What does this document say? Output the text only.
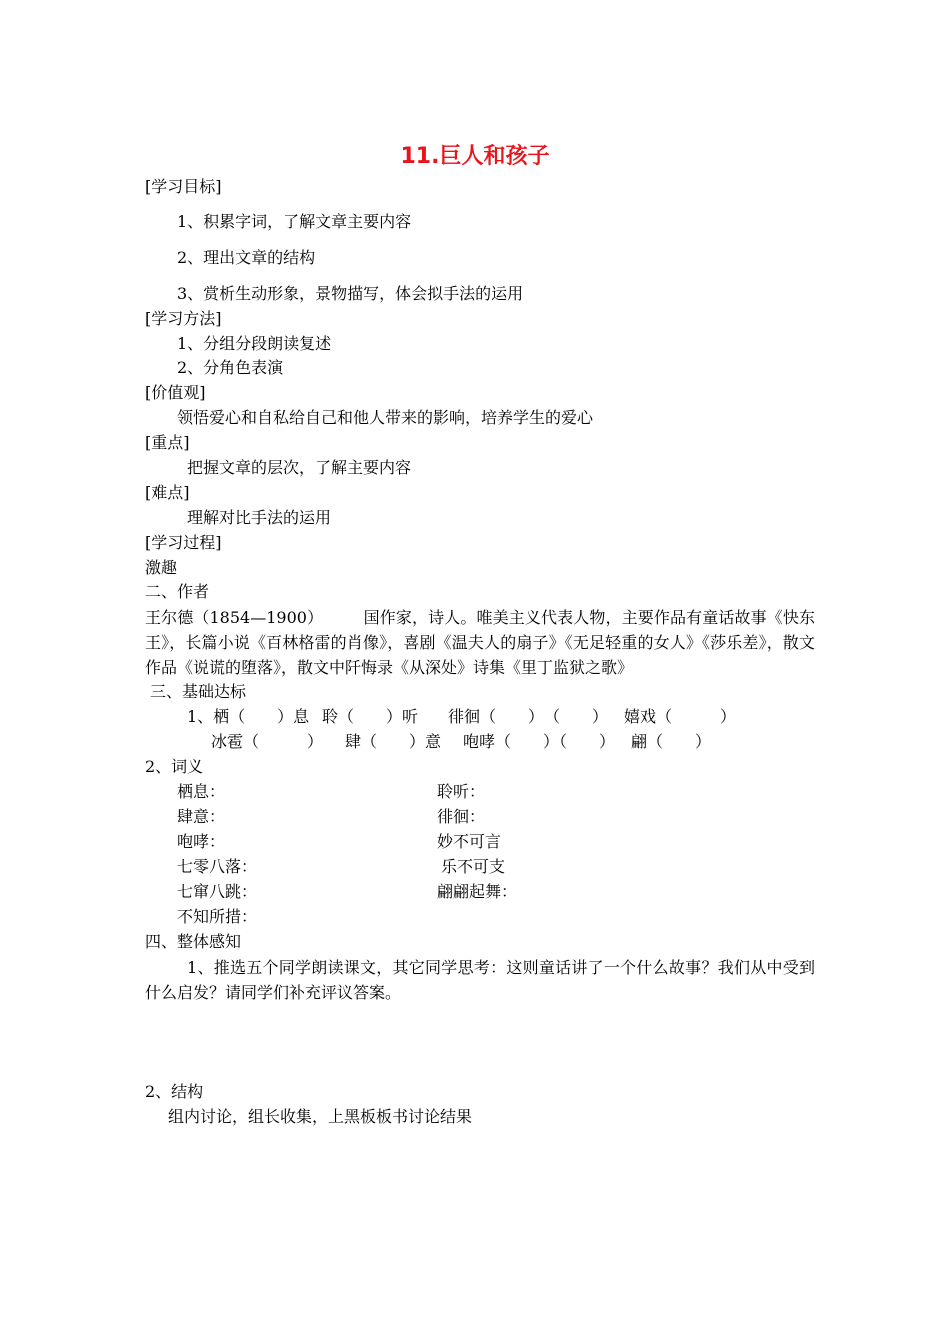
11.巨人和孩子
[学习目标]
1、积累字词，了解文章主要内容
2、理出文章的结构
3、赏析生动形象，景物描写，体会拟手法的运用
[学习方法]
1、分组分段朗读复述
2、分角色表演
[价值观]
领悟爱心和自私给自己和他人带来的影响，培养学生的爱心
[重点]
把握文章的层次，了解主要内容
[难点]
理解对比手法的运用
[学习过程]
激趣
二、作者
王尔德（1854—1900）　　　国作家，诗人。唯美主义代表人物，主要作品有童话故事《快东王》，长篇小说《百林格雷的肖像》，喜剧《温夫人的扇子》《无足轻重的女人》《莎乐差》，散文作品《说谎的堕落》，散文中阡悔录《从深处》诗集《里丁监狱之歌》
三、基础达标
1、栖（　　）息 聆（　　）听 徘徊（　　）　（　　） 嬉戏（　　　）
冰雹（　　　） 肆（　　）意 咆哮（　　）（　　） 翩（　　）
2、词义
栖息：
肆意：
咆哮：
七零八落：
七窜八跳：
不知所措：
聆听：
徘徊：
妙不可言
乐不可支
翩翩起舞：
四、整体感知
1、推选五个同学朗读课文，其它同学思考：这则童话讲了一个什么故事？我们从中受到什么启发？请同学们补充评议答案。
2、结构
组内讨论，组长收集，上黑板板书讨论结果
